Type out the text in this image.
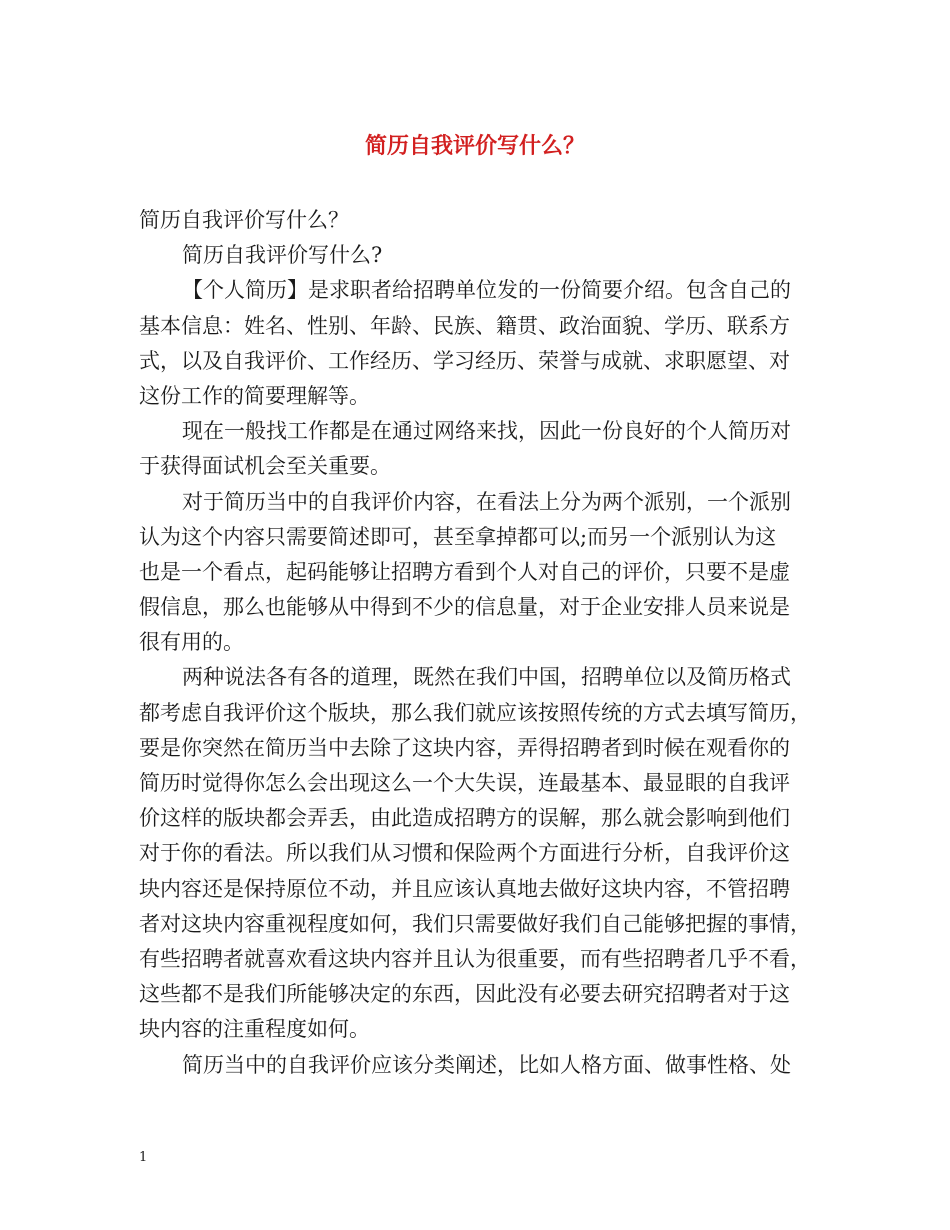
简历自我评价写什么？

简历自我评价写什么？

简历自我评价写什么?

【个人简历】是求职者给招聘单位发的一份简要介绍。包含自己的

基本信息：姓名、性别、年龄、民族、籍贯、政治面貌、学历、联系方

式，以及自我评价、工作经历、学习经历、荣誉与成就、求职愿望、对

这份工作的简要理解等。

现在一般找工作都是在通过网络来找，因此一份良好的个人简历对

于获得面试机会至关重要。

对于简历当中的自我评价内容，在看法上分为两个派别，一个派别

认为这个内容只需要简述即可，甚至拿掉都可以;而另一个派别认为这

也是一个看点，起码能够让招聘方看到个人对自己的评价，只要不是虚

假信息，那么也能够从中得到不少的信息量，对于企业安排人员来说是

很有用的。

两种说法各有各的道理，既然在我们中国，招聘单位以及简历格式

都考虑自我评价这个版块，那么我们就应该按照传统的方式去填写简历，

要是你突然在简历当中去除了这块内容，弄得招聘者到时候在观看你的

简历时觉得你怎么会出现这么一个大失误，连最基本、最显眼的自我评

价这样的版块都会弄丢，由此造成招聘方的误解，那么就会影响到他们

对于你的看法。所以我们从习惯和保险两个方面进行分析，自我评价这

块内容还是保持原位不动，并且应该认真地去做好这块内容，不管招聘

者对这块内容重视程度如何，我们只需要做好我们自己能够把握的事情，

有些招聘者就喜欢看这块内容并且认为很重要，而有些招聘者几乎不看，

这些都不是我们所能够决定的东西，因此没有必要去研究招聘者对于这

块内容的注重程度如何。

简历当中的自我评价应该分类阐述，比如人格方面、做事性格、处

1
